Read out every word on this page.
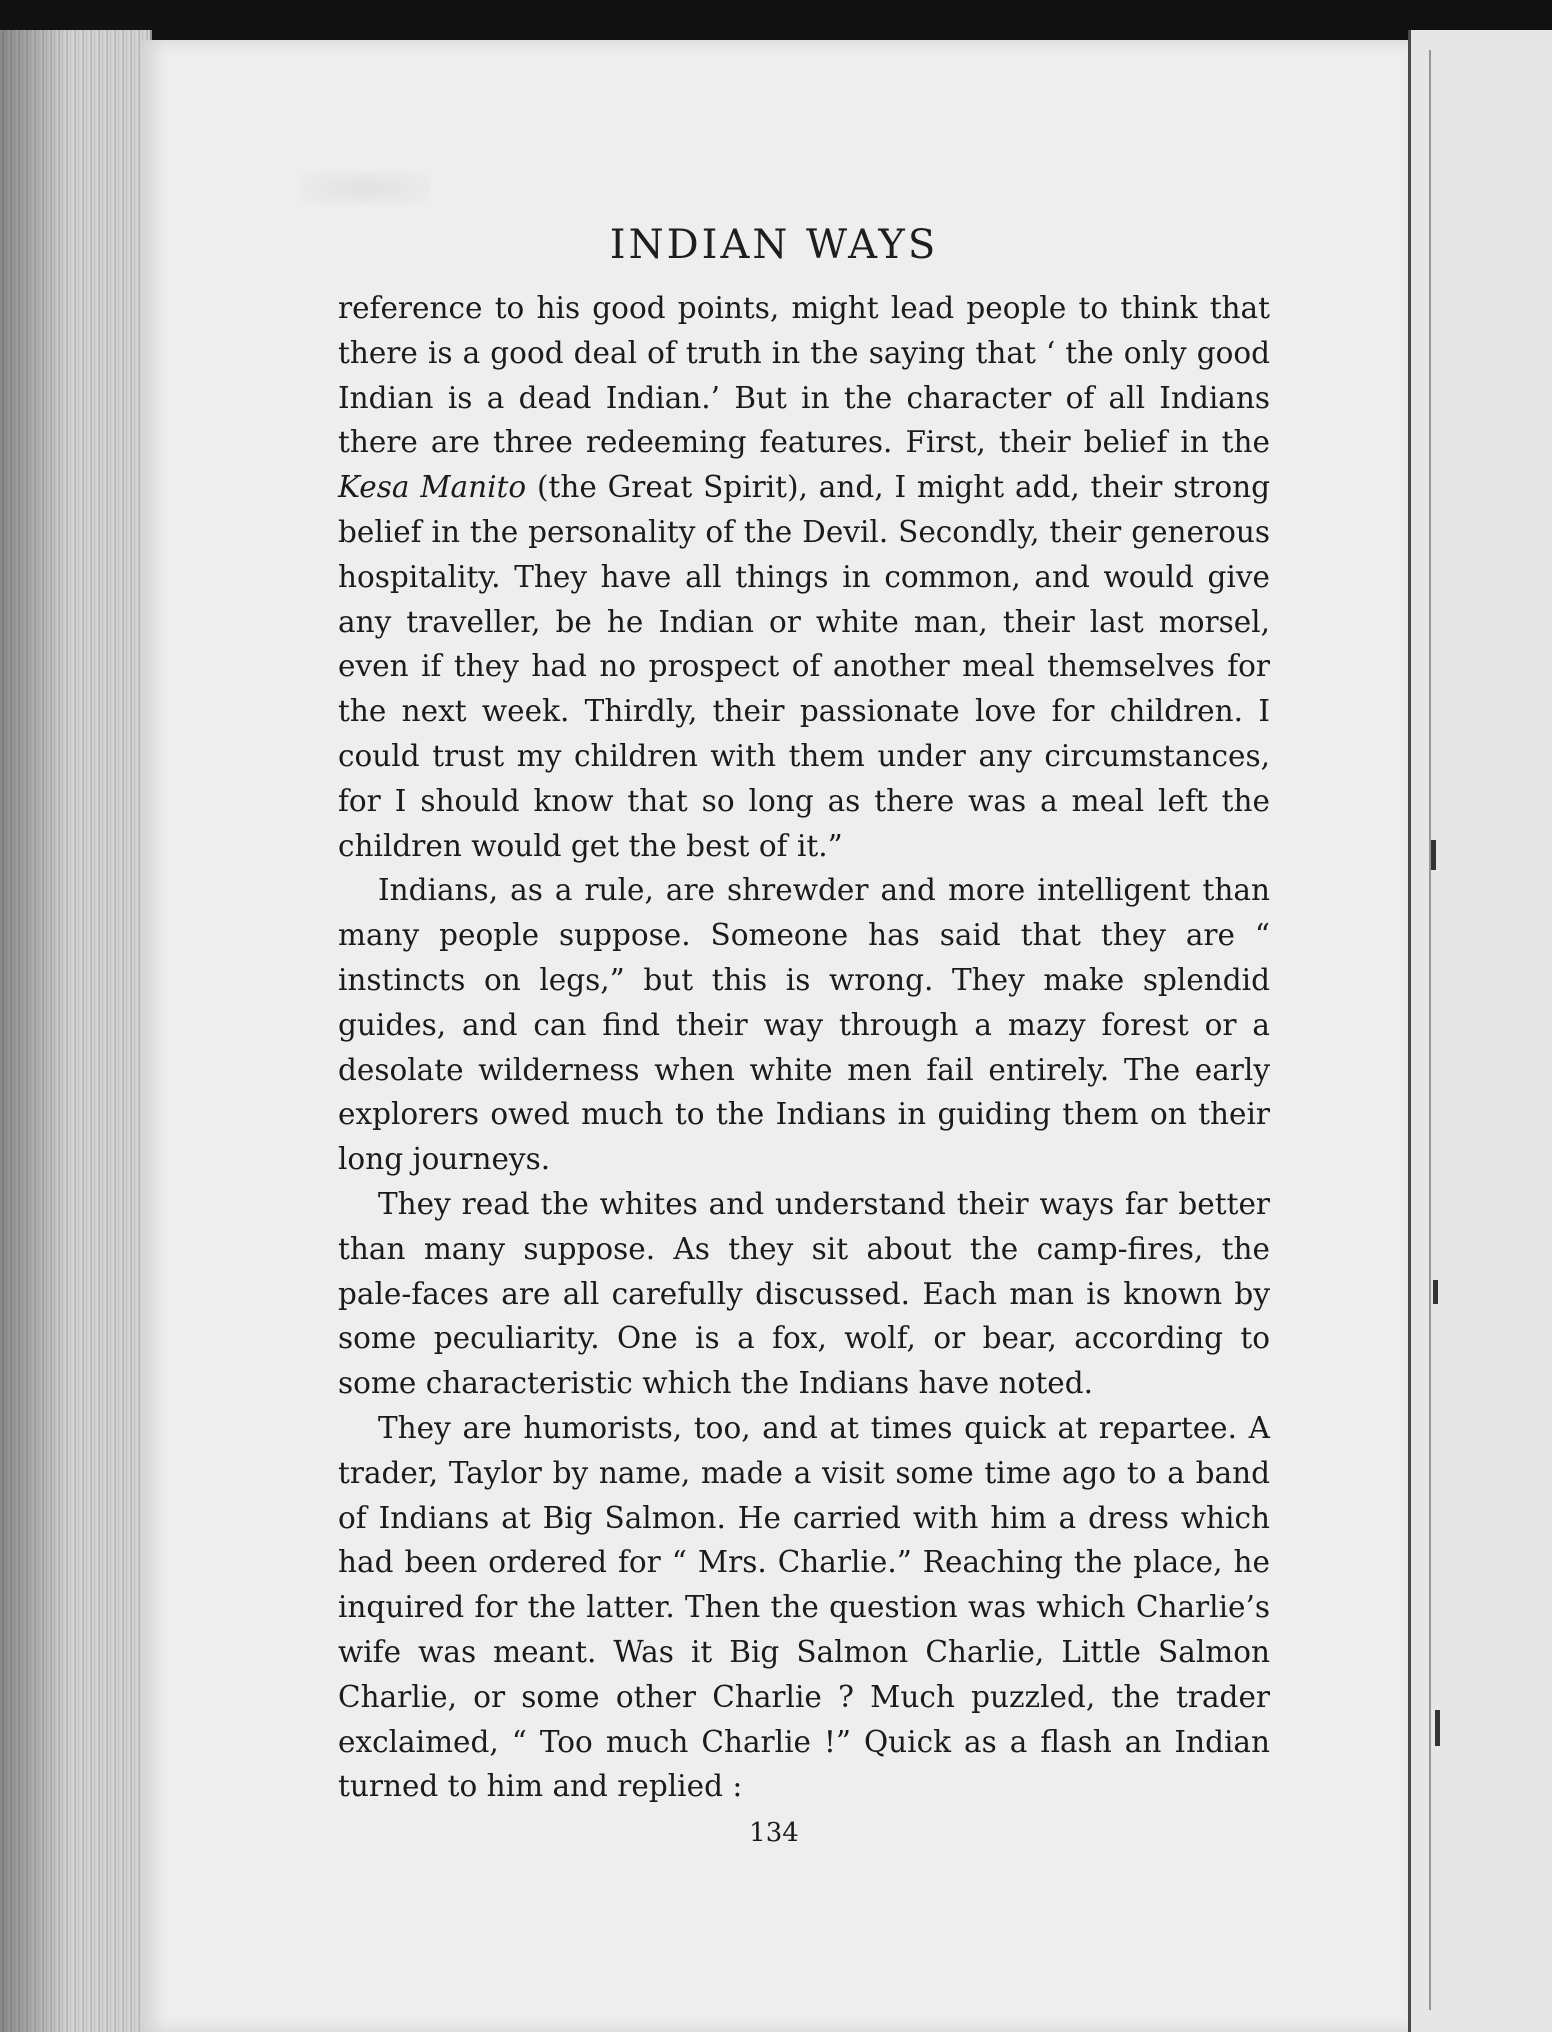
INDIAN WAYS

reference to his good points, might lead people to think that there is a good deal of truth in the saying that ‘ the only good Indian is a dead Indian.’ But in the character of all Indians there are three redeeming features. First, their belief in the Kesa Manito (the Great Spirit), and, I might add, their strong belief in the personality of the Devil. Secondly, their generous hospitality. They have all things in common, and would give any traveller, be he Indian or white man, their last morsel, even if they had no prospect of another meal themselves for the next week. Thirdly, their passionate love for children. I could trust my children with them under any circumstances, for I should know that so long as there was a meal left the children would get the best of it.”

Indians, as a rule, are shrewder and more intelligent than many people suppose. Someone has said that they are “ instincts on legs,” but this is wrong. They make splendid guides, and can find their way through a mazy forest or a desolate wilderness when white men fail entirely. The early explorers owed much to the Indians in guiding them on their long journeys.

They read the whites and understand their ways far better than many suppose. As they sit about the camp-fires, the pale-faces are all carefully discussed. Each man is known by some peculiarity. One is a fox, wolf, or bear, according to some characteristic which the Indians have noted.

They are humorists, too, and at times quick at repartee. A trader, Taylor by name, made a visit some time ago to a band of Indians at Big Salmon. He carried with him a dress which had been ordered for “ Mrs. Charlie.” Reaching the place, he inquired for the latter. Then the question was which Charlie’s wife was meant. Was it Big Salmon Charlie, Little Salmon Charlie, or some other Charlie ? Much puzzled, the trader exclaimed, “ Too much Charlie !” Quick as a flash an Indian turned to him and replied :

134
